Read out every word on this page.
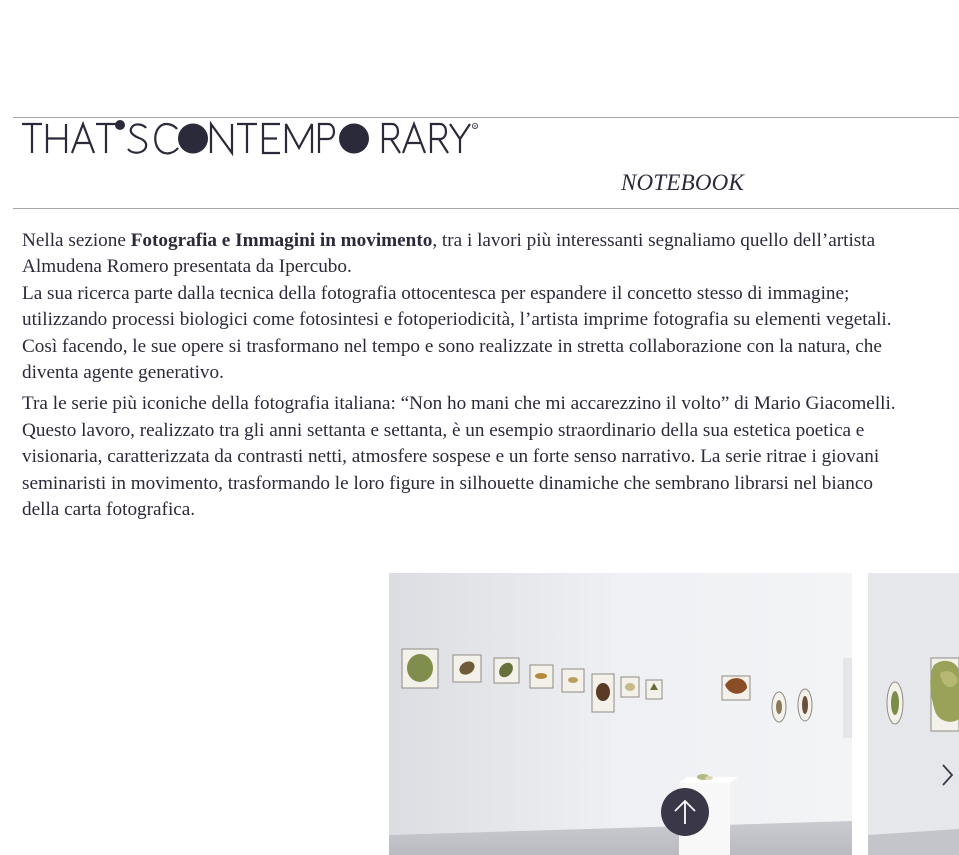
R
NOTEBOOK

Nella sezione Fotografia e Immagini in movimento, tra i lavori più interessanti segnaliamo quello dell’artista Almudena Romero presentata da Ipercubo.
La sua ricerca parte dalla tecnica della fotografia ottocentesca per espandere il concetto stesso di immagine; utilizzando processi biologici come fotosintesi e fotoperiodicità, l’artista imprime fotografia su elementi vegetali. Così facendo, le sue opere si trasformano nel tempo e sono realizzate in stretta collaborazione con la natura, che diventa agente generativo.

Tra le serie più iconiche della fotografia italiana: “Non ho mani che mi accarezzino il volto” di Mario Giacomelli. Questo lavoro, realizzato tra gli anni settanta e settanta, è un esempio straordinario della sua estetica poetica e visionaria, caratterizzata da contrasti netti, atmosfere sospese e un forte senso narrativo. La serie ritrae i giovani
seminaristi in movimento, trasformando le loro figure in silhouette dinamiche che sembrano librarsi nel bianco della carta fotografica.
